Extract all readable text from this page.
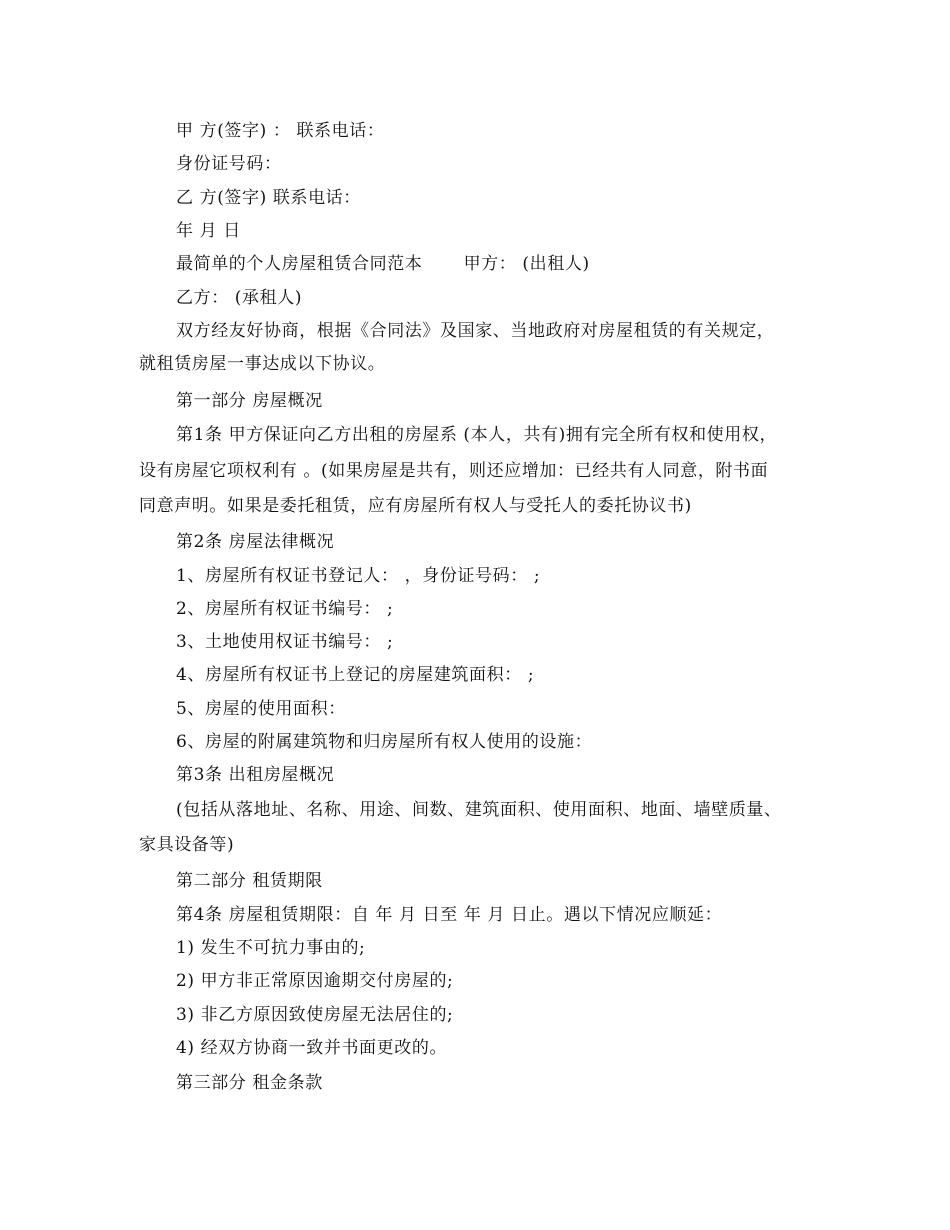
甲 方(签字) ： 联系电话：
身份证号码：
乙 方(签字) 联系电话：
年 月 日
最简单的个人房屋租赁合同范本　　 甲方： (出租人)
乙方： (承租人)
双方经友好协商，根据《合同法》及国家、当地政府对房屋租赁的有关规定，
就租赁房屋一事达成以下协议。
第一部分 房屋概况
第1条 甲方保证向乙方出租的房屋系 (本人，共有)拥有完全所有权和使用权，
设有房屋它项权利有 。(如果房屋是共有，则还应增加：已经共有人同意，附书面
同意声明。如果是委托租赁，应有房屋所有权人与受托人的委托协议书)
第2条 房屋法律概况
1、房屋所有权证书登记人： ，身份证号码： ;
2、房屋所有权证书编号： ;
3、土地使用权证书编号： ;
4、房屋所有权证书上登记的房屋建筑面积： ;
5、房屋的使用面积：
6、房屋的附属建筑物和归房屋所有权人使用的设施：
第3条 出租房屋概况
(包括从落地址、名称、用途、间数、建筑面积、使用面积、地面、墙壁质量、
家具设备等)
第二部分 租赁期限
第4条 房屋租赁期限：自 年 月 日至 年 月 日止。遇以下情况应顺延：
1) 发生不可抗力事由的;
2) 甲方非正常原因逾期交付房屋的;
3) 非乙方原因致使房屋无法居住的;
4) 经双方协商一致并书面更改的。
第三部分 租金条款
